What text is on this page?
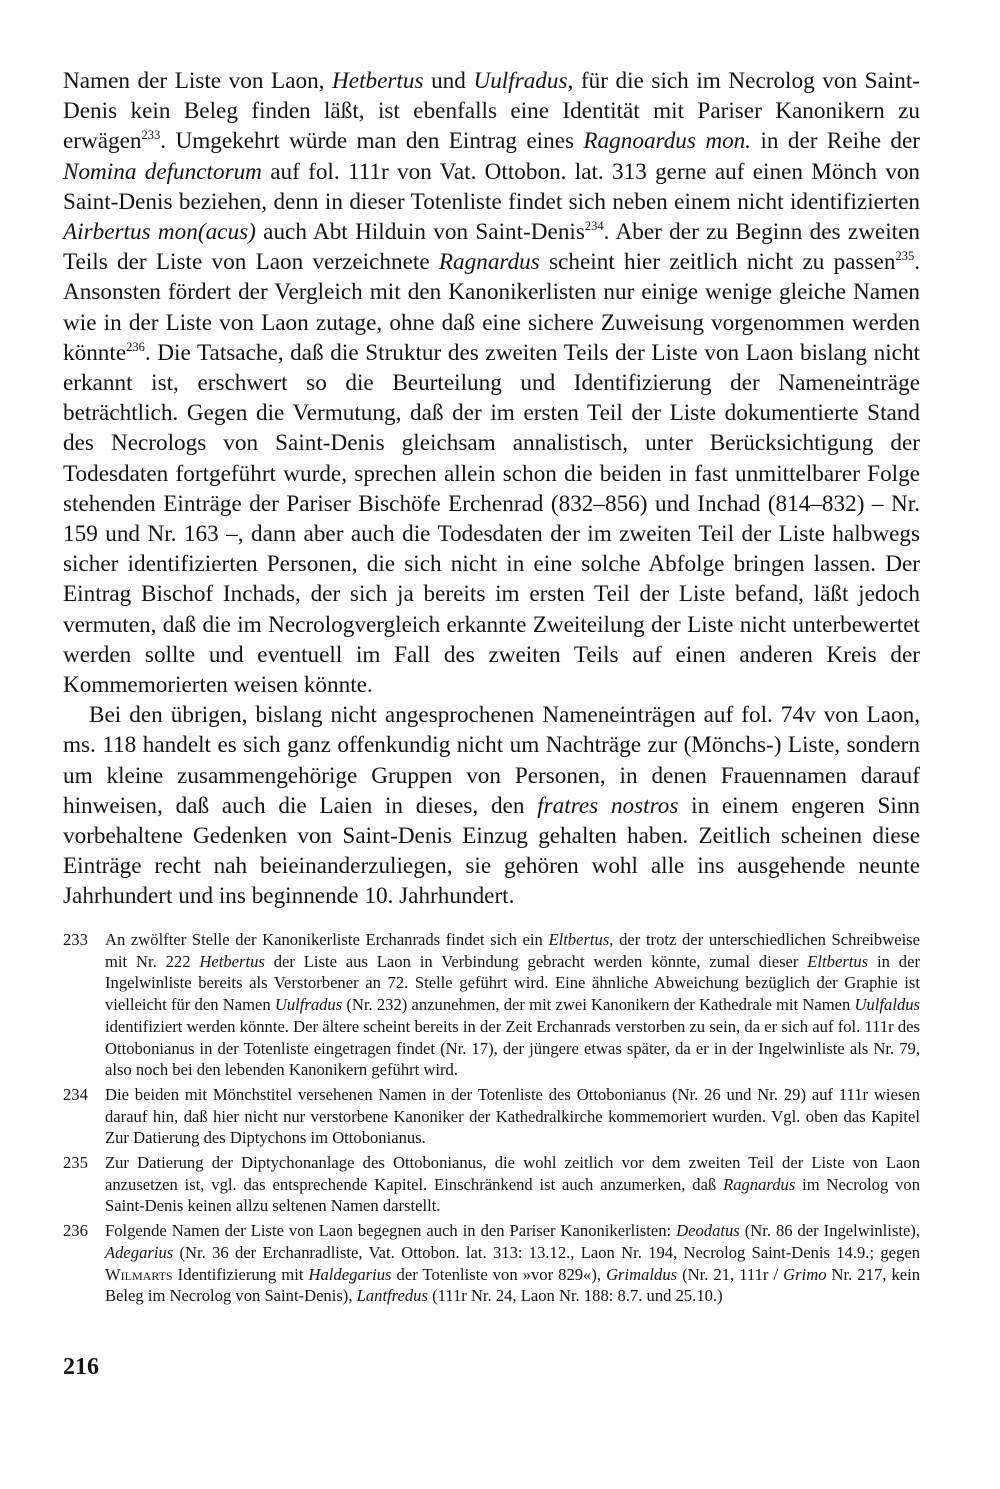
Namen der Liste von Laon, Hetbertus und Uulfradus, für die sich im Necrolog von Saint-Denis kein Beleg finden läßt, ist ebenfalls eine Identität mit Pariser Kanonikern zu erwägen$^{233}$. Umgekehrt würde man den Eintrag eines Ragnoardus mon. in der Reihe der Nomina defunctorum auf fol. 111r von Vat. Ottobon. lat. 313 gerne auf einen Mönch von Saint-Denis beziehen, denn in dieser Totenliste findet sich neben einem nicht identifizierten Airbertus mon(acus) auch Abt Hilduin von Saint-Denis$^{234}$. Aber der zu Beginn des zweiten Teils der Liste von Laon verzeichnete Ragnardus scheint hier zeitlich nicht zu passen$^{235}$. Ansonsten fördert der Vergleich mit den Kanonikerlisten nur einige wenige gleiche Namen wie in der Liste von Laon zutage, ohne daß eine sichere Zuweisung vorgenommen werden könnte$^{236}$. Die Tatsache, daß die Struktur des zweiten Teils der Liste von Laon bislang nicht erkannt ist, erschwert so die Beurteilung und Identifizierung der Nameneinträge beträchtlich. Gegen die Vermutung, daß der im ersten Teil der Liste dokumentierte Stand des Necrologs von Saint-Denis gleichsam annalistisch, unter Berücksichtigung der Todesdaten fortgeführt wurde, sprechen allein schon die beiden in fast unmittelbarer Folge stehenden Einträge der Pariser Bischöfe Erchenrad (832–856) und Inchad (814–832) – Nr. 159 und Nr. 163 –, dann aber auch die Todesdaten der im zweiten Teil der Liste halbwegs sicher identifizierten Personen, die sich nicht in eine solche Abfolge bringen lassen. Der Eintrag Bischof Inchads, der sich ja bereits im ersten Teil der Liste befand, läßt jedoch vermuten, daß die im Necrologvergleich erkannte Zweiteilung der Liste nicht unterbewertet werden sollte und eventuell im Fall des zweiten Teils auf einen anderen Kreis der Kommemorierten weisen könnte.

Bei den übrigen, bislang nicht angesprochenen Nameneinträgen auf fol. 74v von Laon, ms. 118 handelt es sich ganz offenkundig nicht um Nachträge zur (Mönchs-) Liste, sondern um kleine zusammengehörige Gruppen von Personen, in denen Frauennamen darauf hinweisen, daß auch die Laien in dieses, den fratres nostros in einem engeren Sinn vorbehaltene Gedenken von Saint-Denis Einzug gehalten haben. Zeitlich scheinen diese Einträge recht nah beieinanderzuliegen, sie gehören wohl alle ins ausgehende neunte Jahrhundert und ins beginnende 10. Jahrhundert.

233 An zwölfter Stelle der Kanonikerliste Erchanrads findet sich ein Eltbertus, der trotz der unterschiedlichen Schreibweise mit Nr. 222 Hetbertus der Liste aus Laon in Verbindung gebracht werden könnte, zumal dieser Eltbertus in der Ingelwinliste bereits als Verstorbener an 72. Stelle geführt wird. Eine ähnliche Abweichung bezüglich der Graphie ist vielleicht für den Namen Uulfradus (Nr. 232) anzunehmen, der mit zwei Kanonikern der Kathedrale mit Namen Uulfaldus identifiziert werden könnte. Der ältere scheint bereits in der Zeit Erchanrads verstorben zu sein, da er sich auf fol. 111r des Ottobonianus in der Totenliste eingetragen findet (Nr. 17), der jüngere etwas später, da er in der Ingelwinliste als Nr. 79, also noch bei den lebenden Kanonikern geführt wird.
234 Die beiden mit Mönchstitel versehenen Namen in der Totenliste des Ottobonianus (Nr. 26 und Nr. 29) auf 111r wiesen darauf hin, daß hier nicht nur verstorbene Kanoniker der Kathedralkirche kommemoriert wurden. Vgl. oben das Kapitel Zur Datierung des Diptychons im Ottobonianus.
235 Zur Datierung der Diptychonanlage des Ottobonianus, die wohl zeitlich vor dem zweiten Teil der Liste von Laon anzusetzen ist, vgl. das entsprechende Kapitel. Einschränkend ist auch anzumerken, daß Ragnardus im Necrolog von Saint-Denis keinen allzu seltenen Namen darstellt.
236 Folgende Namen der Liste von Laon begegnen auch in den Pariser Kanonikerlisten: Deodatus (Nr. 86 der Ingelwinliste), Adegarius (Nr. 36 der Erchanradliste, Vat. Ottobon. lat. 313: 13.12., Laon Nr. 194, Necrolog Saint-Denis 14.9.; gegen Wilmarts Identifizierung mit Haldegarius der Totenliste von »vor 829«), Grimaldus (Nr. 21, 111r / Grimo Nr. 217, kein Beleg im Necrolog von Saint-Denis), Lantfredus (111r Nr. 24, Laon Nr. 188: 8.7. und 25.10.)
216
